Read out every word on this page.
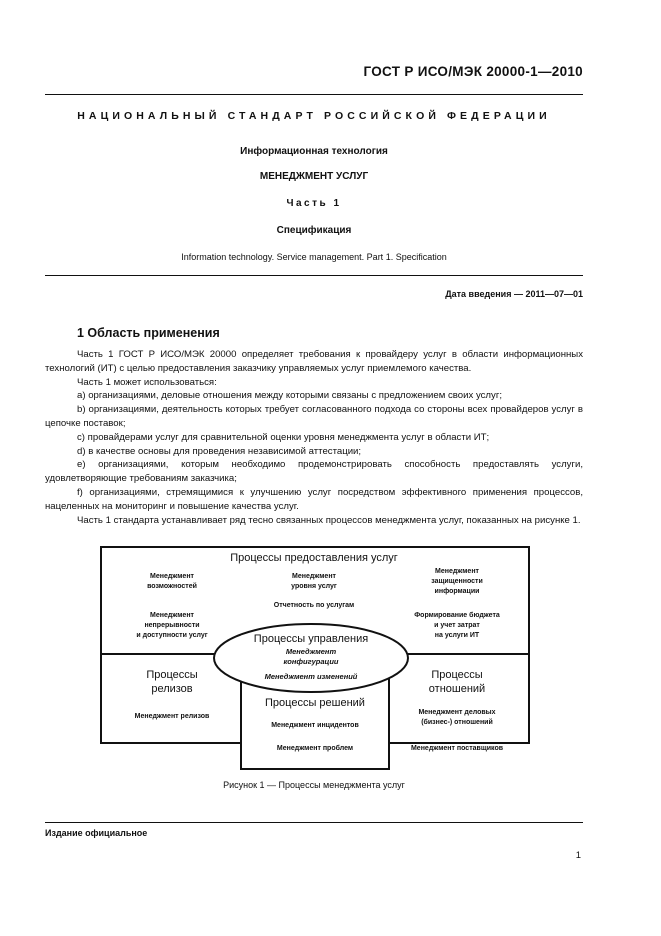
ГОСТ Р ИСО/МЭК 20000-1—2010
НАЦИОНАЛЬНЫЙ СТАНДАРТ РОССИЙСКОЙ ФЕДЕРАЦИИ
Информационная технология
МЕНЕДЖМЕНТ УСЛУГ
Часть 1
Спецификация
Information technology. Service management. Part 1. Specification
Дата введения — 2011—07—01
1 Область применения

Часть 1 ГОСТ Р ИСО/МЭК 20000 определяет требования к провайдеру услуг в области информационных технологий (ИТ) с целью предоставления заказчику управляемых услуг приемлемого качества.

Часть 1 может использоваться:

a) организациями, деловые отношения между которыми связаны с предложением своих услуг;

b) организациями, деятельность которых требует согласованного подхода со стороны всех провайдеров услуг в цепочке поставок;

c) провайдерами услуг для сравнительной оценки уровня менеджмента услуг в области ИТ;

d) в качестве основы для проведения независимой аттестации;

e) организациями, которым необходимо продемонстрировать способность предоставлять услуги, удовлетворяющие требованиям заказчика;

f) организациями, стремящимися к улучшению услуг посредством эффективного применения процессов, нацеленных на мониторинг и повышение качества услуг.

Часть 1 стандарта устанавливает ряд тесно связанных процессов менеджмента услуг, показанных на рисунке 1.

Процессы предоставления услуг
Менеджмент
возможностей
Менеджмент
уровня услуг
Менеджмент
защищенности
информации
Отчетность по услугам
Менеджмент
непрерывности
и доступности услуг
Формирование бюджета
и учет затрат
на услуги ИТ
Процессы
релизов
Менеджмент релизов
Процессы решений
Менеджмент инцидентов
Менеджмент проблем
Процессы
отношений
Менеджмент деловых
(бизнес-) отношений
Менеджмент поставщиков
Процессы управления
Менеджмент
конфигурации
Менеджмент изменений
Рисунок 1 — Процессы менеджмента услуг
Издание официальное
1
